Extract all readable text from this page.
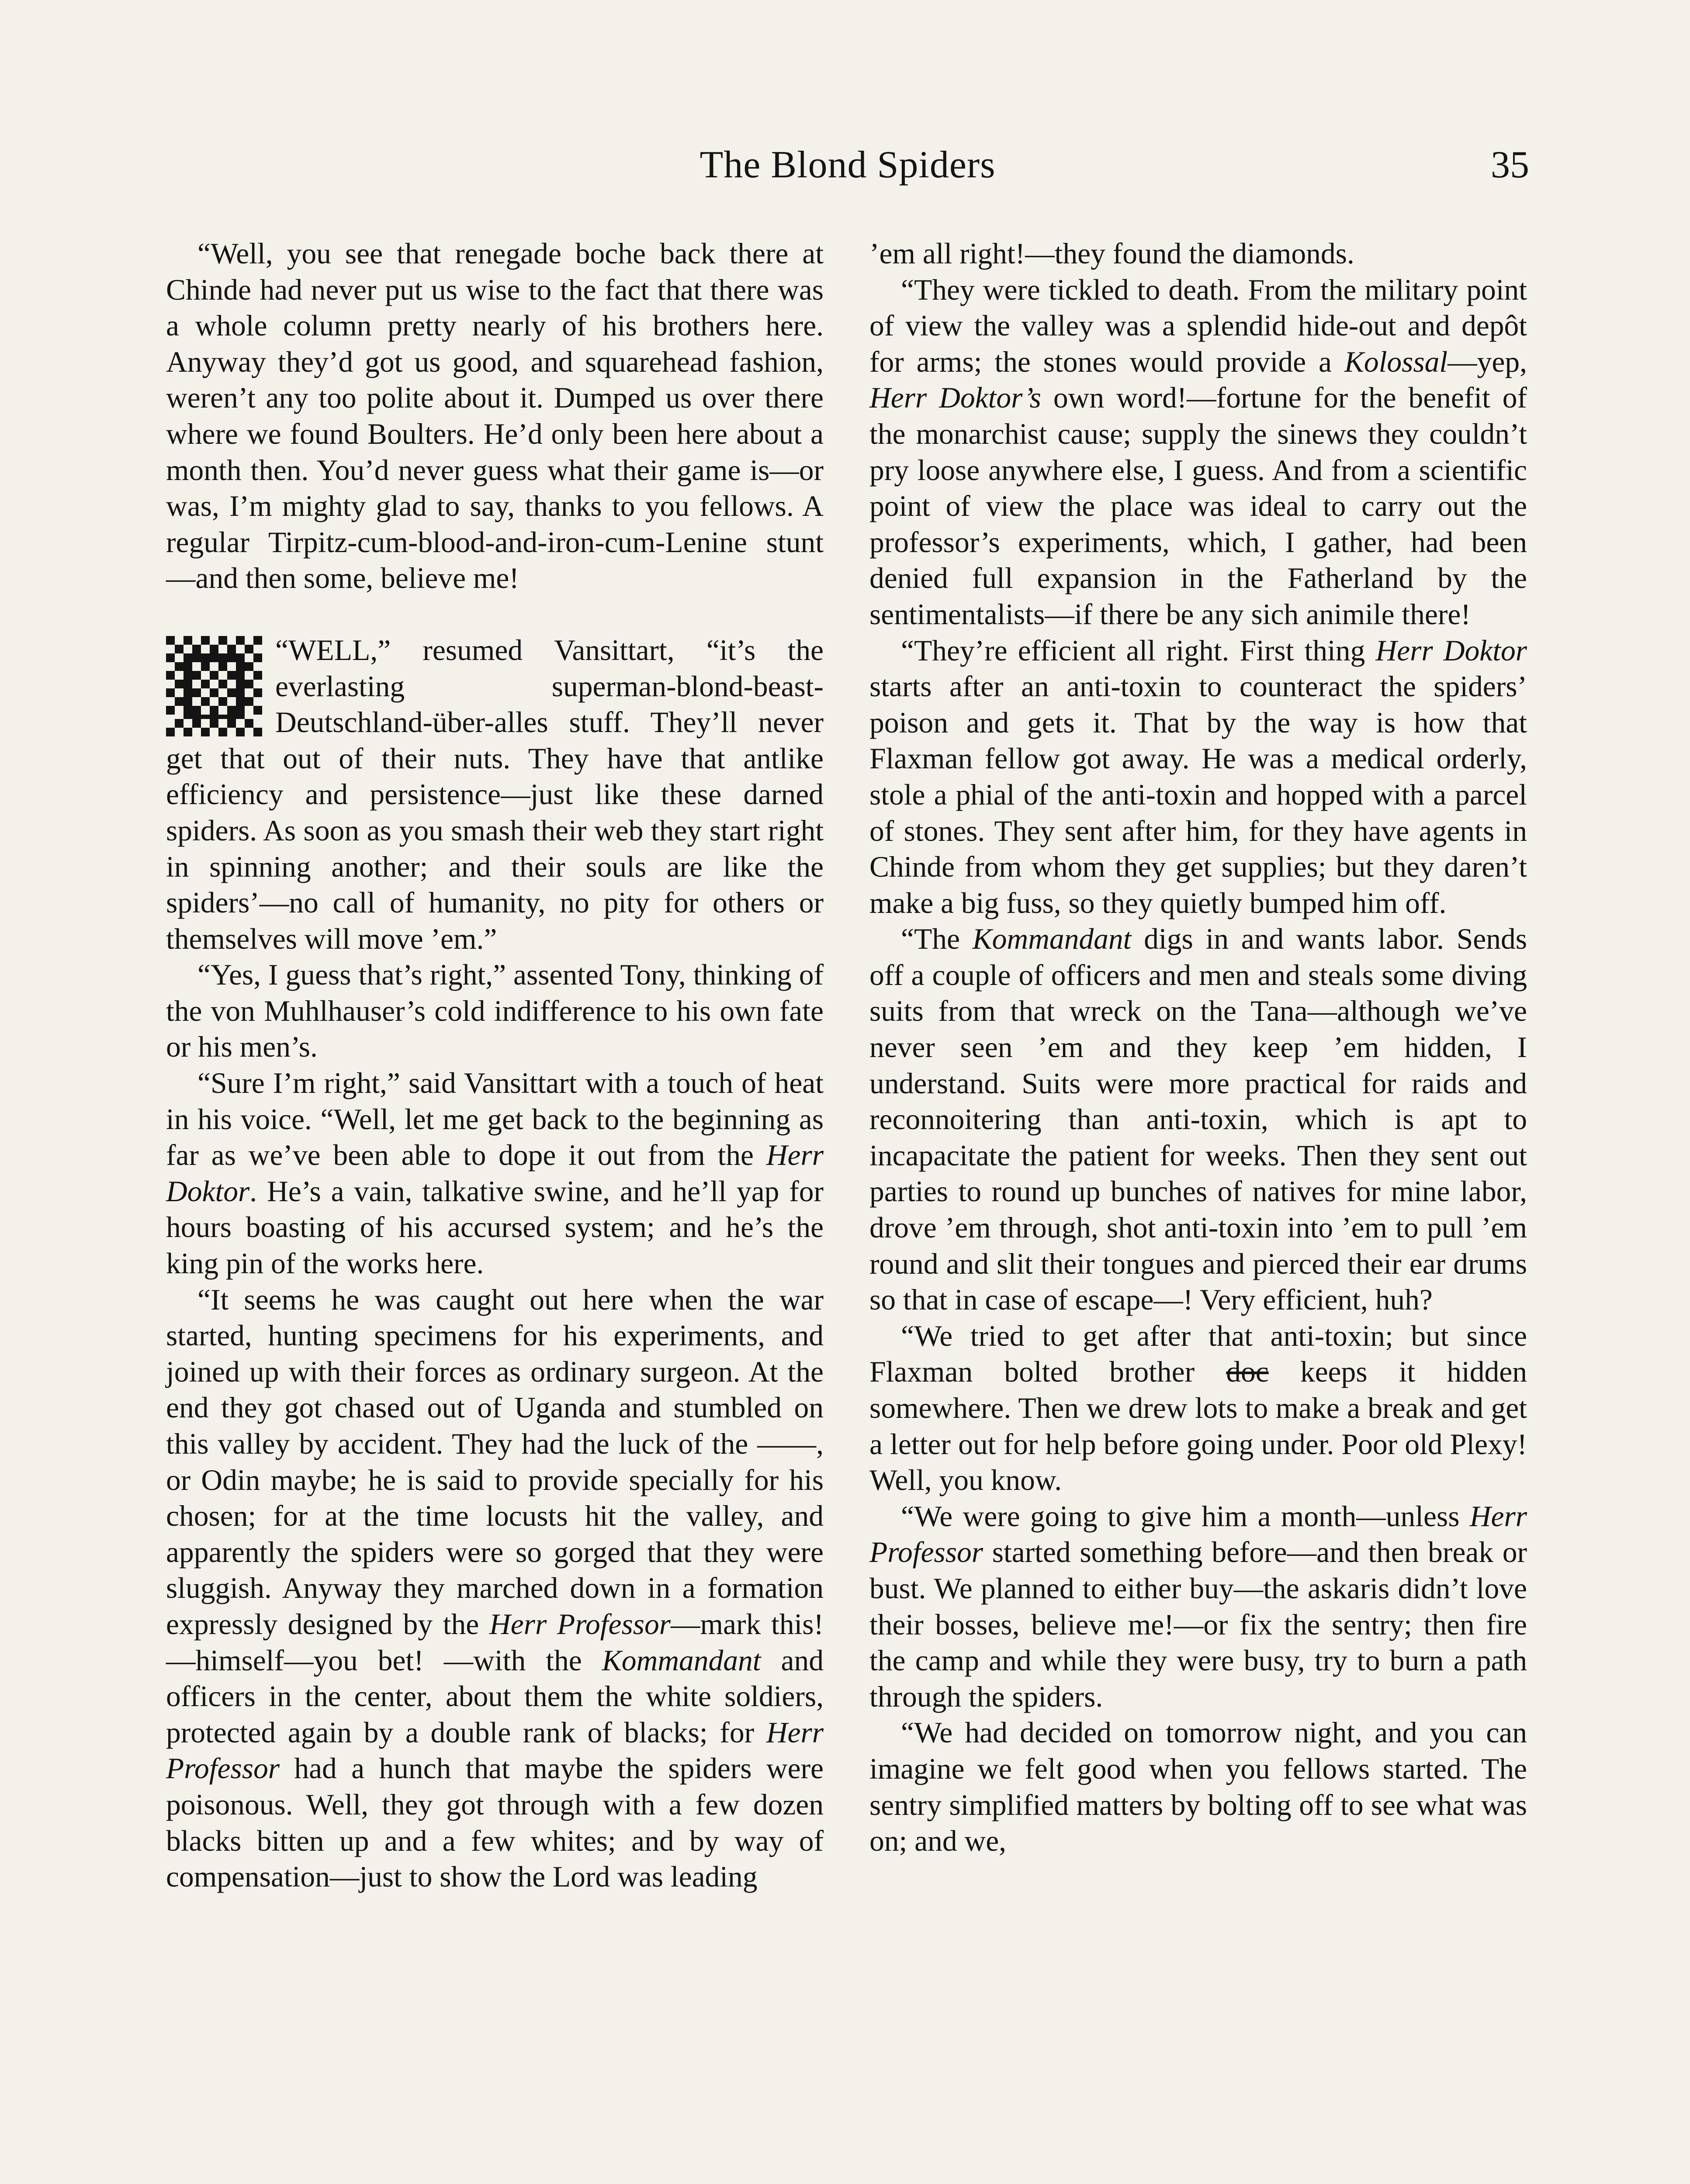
The Blond Spiders	35

“Well, you see that renegade boche back there at Chinde had never put us wise to the fact that there was a whole column pretty nearly of his brothers here. Anyway they’d got us good, and squarehead fashion, weren’t any too polite about it. Dumped us over there where we found Boulters. He’d only been here about a month then. You’d never guess what their game is—or was, I’m mighty glad to say, thanks to you fellows. A regular Tirpitz-cum-blood-and-iron-cum-Lenine stunt—and then some, believe me!

“WELL,” resumed Vansittart, “it’s the everlasting superman-blond-beast-Deutschland-über-alles stuff. They’ll never get that out of their nuts. They have that antlike efficiency and persistence—just like these darned spiders. As soon as you smash their web they start right in spinning another; and their souls are like the spiders’—no call of humanity, no pity for others or themselves will move ’em.”

“Yes, I guess that’s right,” assented Tony, thinking of the von Muhlhauser’s cold indifference to his own fate or his men’s.

“Sure I’m right,” said Vansittart with a touch of heat in his voice. “Well, let me get back to the beginning as far as we’ve been able to dope it out from the Herr Doktor. He’s a vain, talkative swine, and he’ll yap for hours boasting of his accursed system; and he’s the king pin of the works here.

“It seems he was caught out here when the war started, hunting specimens for his experiments, and joined up with their forces as ordinary surgeon. At the end they got chased out of Uganda and stumbled on this valley by accident. They had the luck of the ——, or Odin maybe; he is said to provide specially for his chosen; for at the time locusts hit the valley, and apparently the spiders were so gorged that they were sluggish. Anyway they marched down in a formation expressly designed by the Herr Professor—mark this!—himself—you bet! —with the Kommandant and officers in the center, about them the white soldiers, protected again by a double rank of blacks; for Herr Professor had a hunch that maybe the spiders were poisonous. Well, they got through with a few dozen blacks bitten up and a few whites; and by way of compensation—just to show the Lord was leading

’em all right!—they found the diamonds.

“They were tickled to death. From the military point of view the valley was a splendid hide-out and depôt for arms; the stones would provide a Kolossal—yep, Herr Doktor’s own word!—fortune for the benefit of the monarchist cause; supply the sinews they couldn’t pry loose anywhere else, I guess. And from a scientific point of view the place was ideal to carry out the professor’s experiments, which, I gather, had been denied full expansion in the Fatherland by the sentimentalists—if there be any sich animile there!

“They’re efficient all right. First thing Herr Doktor starts after an anti-toxin to counteract the spiders’ poison and gets it. That by the way is how that Flaxman fellow got away. He was a medical orderly, stole a phial of the anti-toxin and hopped with a parcel of stones. They sent after him, for they have agents in Chinde from whom they get supplies; but they daren’t make a big fuss, so they quietly bumped him off.

“The Kommandant digs in and wants labor. Sends off a couple of officers and men and steals some diving suits from that wreck on the Tana—although we’ve never seen ’em and they keep ’em hidden, I understand. Suits were more practical for raids and reconnoitering than anti-toxin, which is apt to incapacitate the patient for weeks. Then they sent out parties to round up bunches of natives for mine labor, drove ’em through, shot anti-toxin into ’em to pull ’em round and slit their tongues and pierced their ear drums so that in case of escape—! Very efficient, huh?

“We tried to get after that anti-toxin; but since Flaxman bolted brother doc keeps it hidden somewhere. Then we drew lots to make a break and get a letter out for help before going under. Poor old Plexy! Well, you know.

“We were going to give him a month—unless Herr Professor started something before—and then break or bust. We planned to either buy—the askaris didn’t love their bosses, believe me!—or fix the sentry; then fire the camp and while they were busy, try to burn a path through the spiders.

“We had decided on tomorrow night, and you can imagine we felt good when you fellows started. The sentry simplified matters by bolting off to see what was on; and we,
